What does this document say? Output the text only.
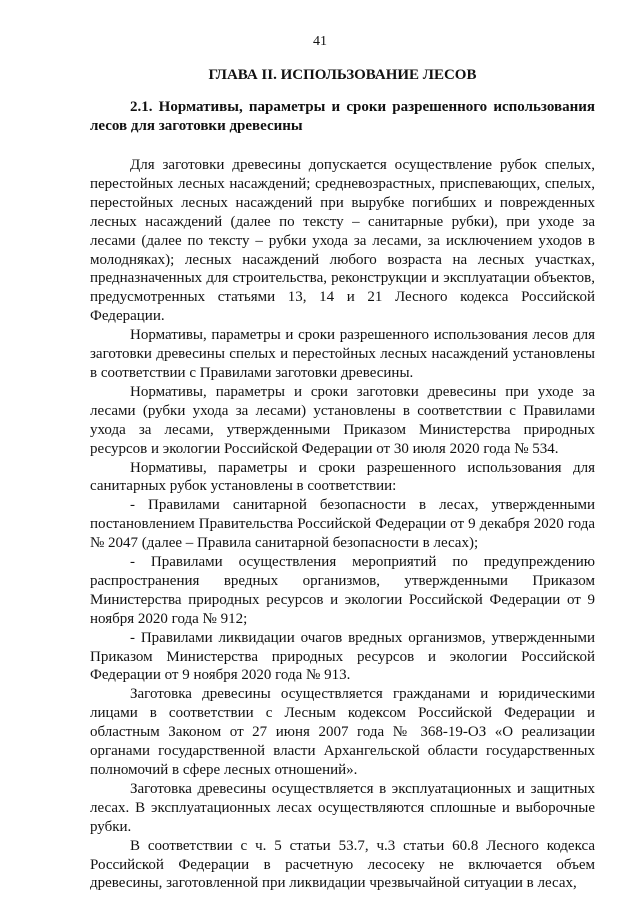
41
ГЛАВА II. ИСПОЛЬЗОВАНИЕ ЛЕСОВ
2.1. Нормативы, параметры и сроки разрешенного использования лесов для заготовки древесины

Для заготовки древесины допускается осуществление рубок спелых, перестойных лесных насаждений; средневозрастных, приспевающих, спелых, перестойных лесных насаждений при вырубке погибших и поврежденных лесных насаждений (далее по тексту – санитарные рубки), при уходе за лесами (далее по тексту – рубки ухода за лесами, за исключением уходов в молодняках); лесных насаждений любого возраста на лесных участках, предназначенных для строительства, реконструкции и эксплуатации объектов, предусмотренных статьями 13, 14 и 21 Лесного кодекса Российской Федерации.

Нормативы, параметры и сроки разрешенного использования лесов для заготовки древесины спелых и перестойных лесных насаждений установлены в соответствии с Правилами заготовки древесины.

Нормативы, параметры и сроки заготовки древесины при уходе за лесами (рубки ухода за лесами) установлены в соответствии с Правилами ухода за лесами, утвержденными Приказом Министерства природных ресурсов и экологии Российской Федерации от 30 июля 2020 года № 534.

Нормативы, параметры и сроки разрешенного использования для санитарных рубок установлены в соответствии:

- Правилами санитарной безопасности в лесах, утвержденными постановлением Правительства Российской Федерации от 9 декабря 2020 года № 2047 (далее – Правила санитарной безопасности в лесах);

- Правилами осуществления мероприятий по предупреждению распространения вредных организмов, утвержденными Приказом Министерства природных ресурсов и экологии Российской Федерации от 9 ноября 2020 года № 912;

- Правилами ликвидации очагов вредных организмов, утвержденными Приказом Министерства природных ресурсов и экологии Российской Федерации от 9 ноября 2020 года № 913.

Заготовка древесины осуществляется гражданами и юридическими лицами в соответствии с Лесным кодексом Российской Федерации и областным Законом от 27 июня 2007 года № 368-19-ОЗ «О реализации органами государственной власти Архангельской области государственных полномочий в сфере лесных отношений».

Заготовка древесины осуществляется в эксплуатационных и защитных лесах. В эксплуатационных лесах осуществляются сплошные и выборочные рубки.

В соответствии с ч. 5 статьи 53.7, ч.3 статьи 60.8 Лесного кодекса Российской Федерации в расчетную лесосеку не включается объем древесины, заготовленной при ликвидации чрезвычайной ситуации в лесах,
